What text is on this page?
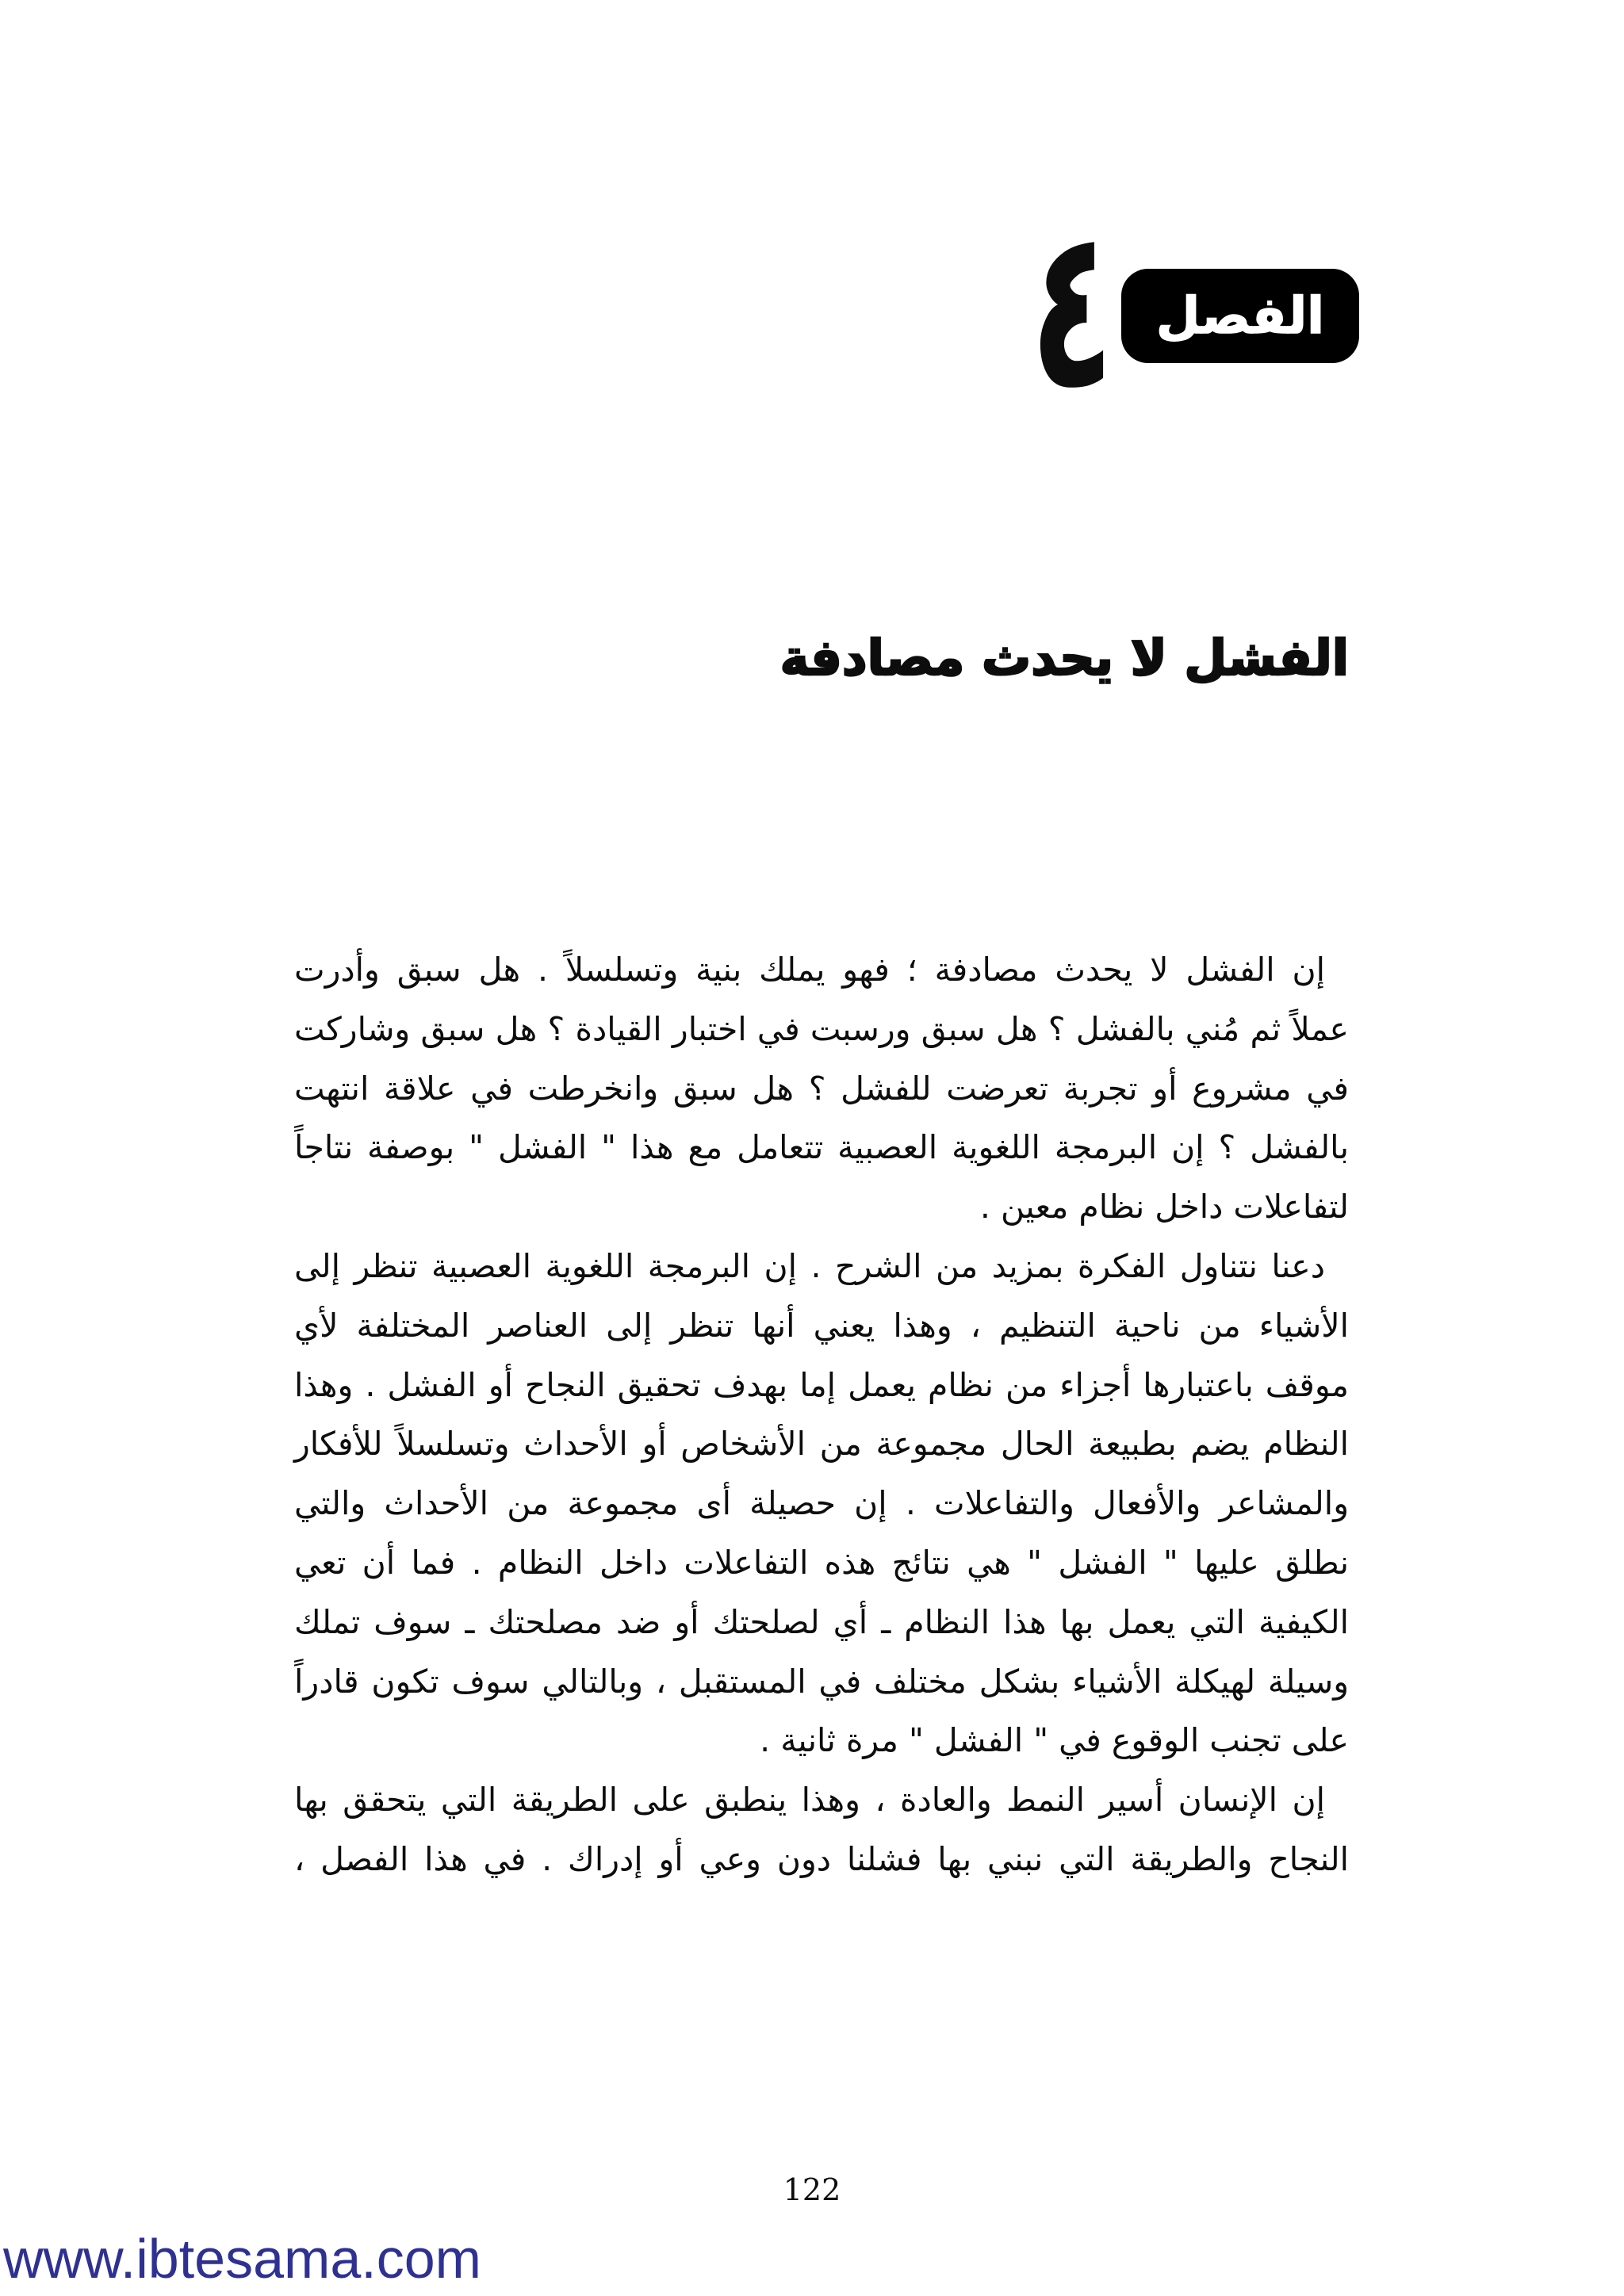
الفصل
٤
الفشل لا يحدث مصادفة
إن الفشل لا يحدث مصادفة ؛ فهو يملك بنية وتسلسلاً . هل سبق وأدرت
عملاً ثم مُني بالفشل ؟ هل سبق ورسبت في اختبار القيادة ؟ هل سبق وشاركت
في مشروع أو تجربة تعرضت للفشل ؟ هل سبق وانخرطت في علاقة انتهت
بالفشل ؟ إن البرمجة اللغوية العصبية تتعامل مع هذا " الفشل " بوصفة نتاجاً
لتفاعلات داخل نظام معين .
دعنا نتناول الفكرة بمزيد من الشرح . إن البرمجة اللغوية العصبية تنظر إلى
الأشياء من ناحية التنظيم ، وهذا يعني أنها تنظر إلى العناصر المختلفة لأي
موقف باعتبارها أجزاء من نظام يعمل إما بهدف تحقيق النجاح أو الفشل . وهذا
النظام يضم بطبيعة الحال مجموعة من الأشخاص أو الأحداث وتسلسلاً للأفكار
والمشاعر والأفعال والتفاعلات . إن حصيلة أى مجموعة من الأحداث والتي
نطلق عليها " الفشل " هي نتائج هذه التفاعلات داخل النظام . فما أن تعي
الكيفية التي يعمل بها هذا النظام ـ أي لصلحتك أو ضد مصلحتك ـ سوف تملك
وسيلة لهيكلة الأشياء بشكل مختلف في المستقبل ، وبالتالي سوف تكون قادراً
على تجنب الوقوع في " الفشل " مرة ثانية .
إن الإنسان أسير النمط والعادة ، وهذا ينطبق على الطريقة التي يتحقق بها
النجاح والطريقة التي نبني بها فشلنا دون وعي أو إدراك . في هذا الفصل ،
122
www.ibtesama.com
